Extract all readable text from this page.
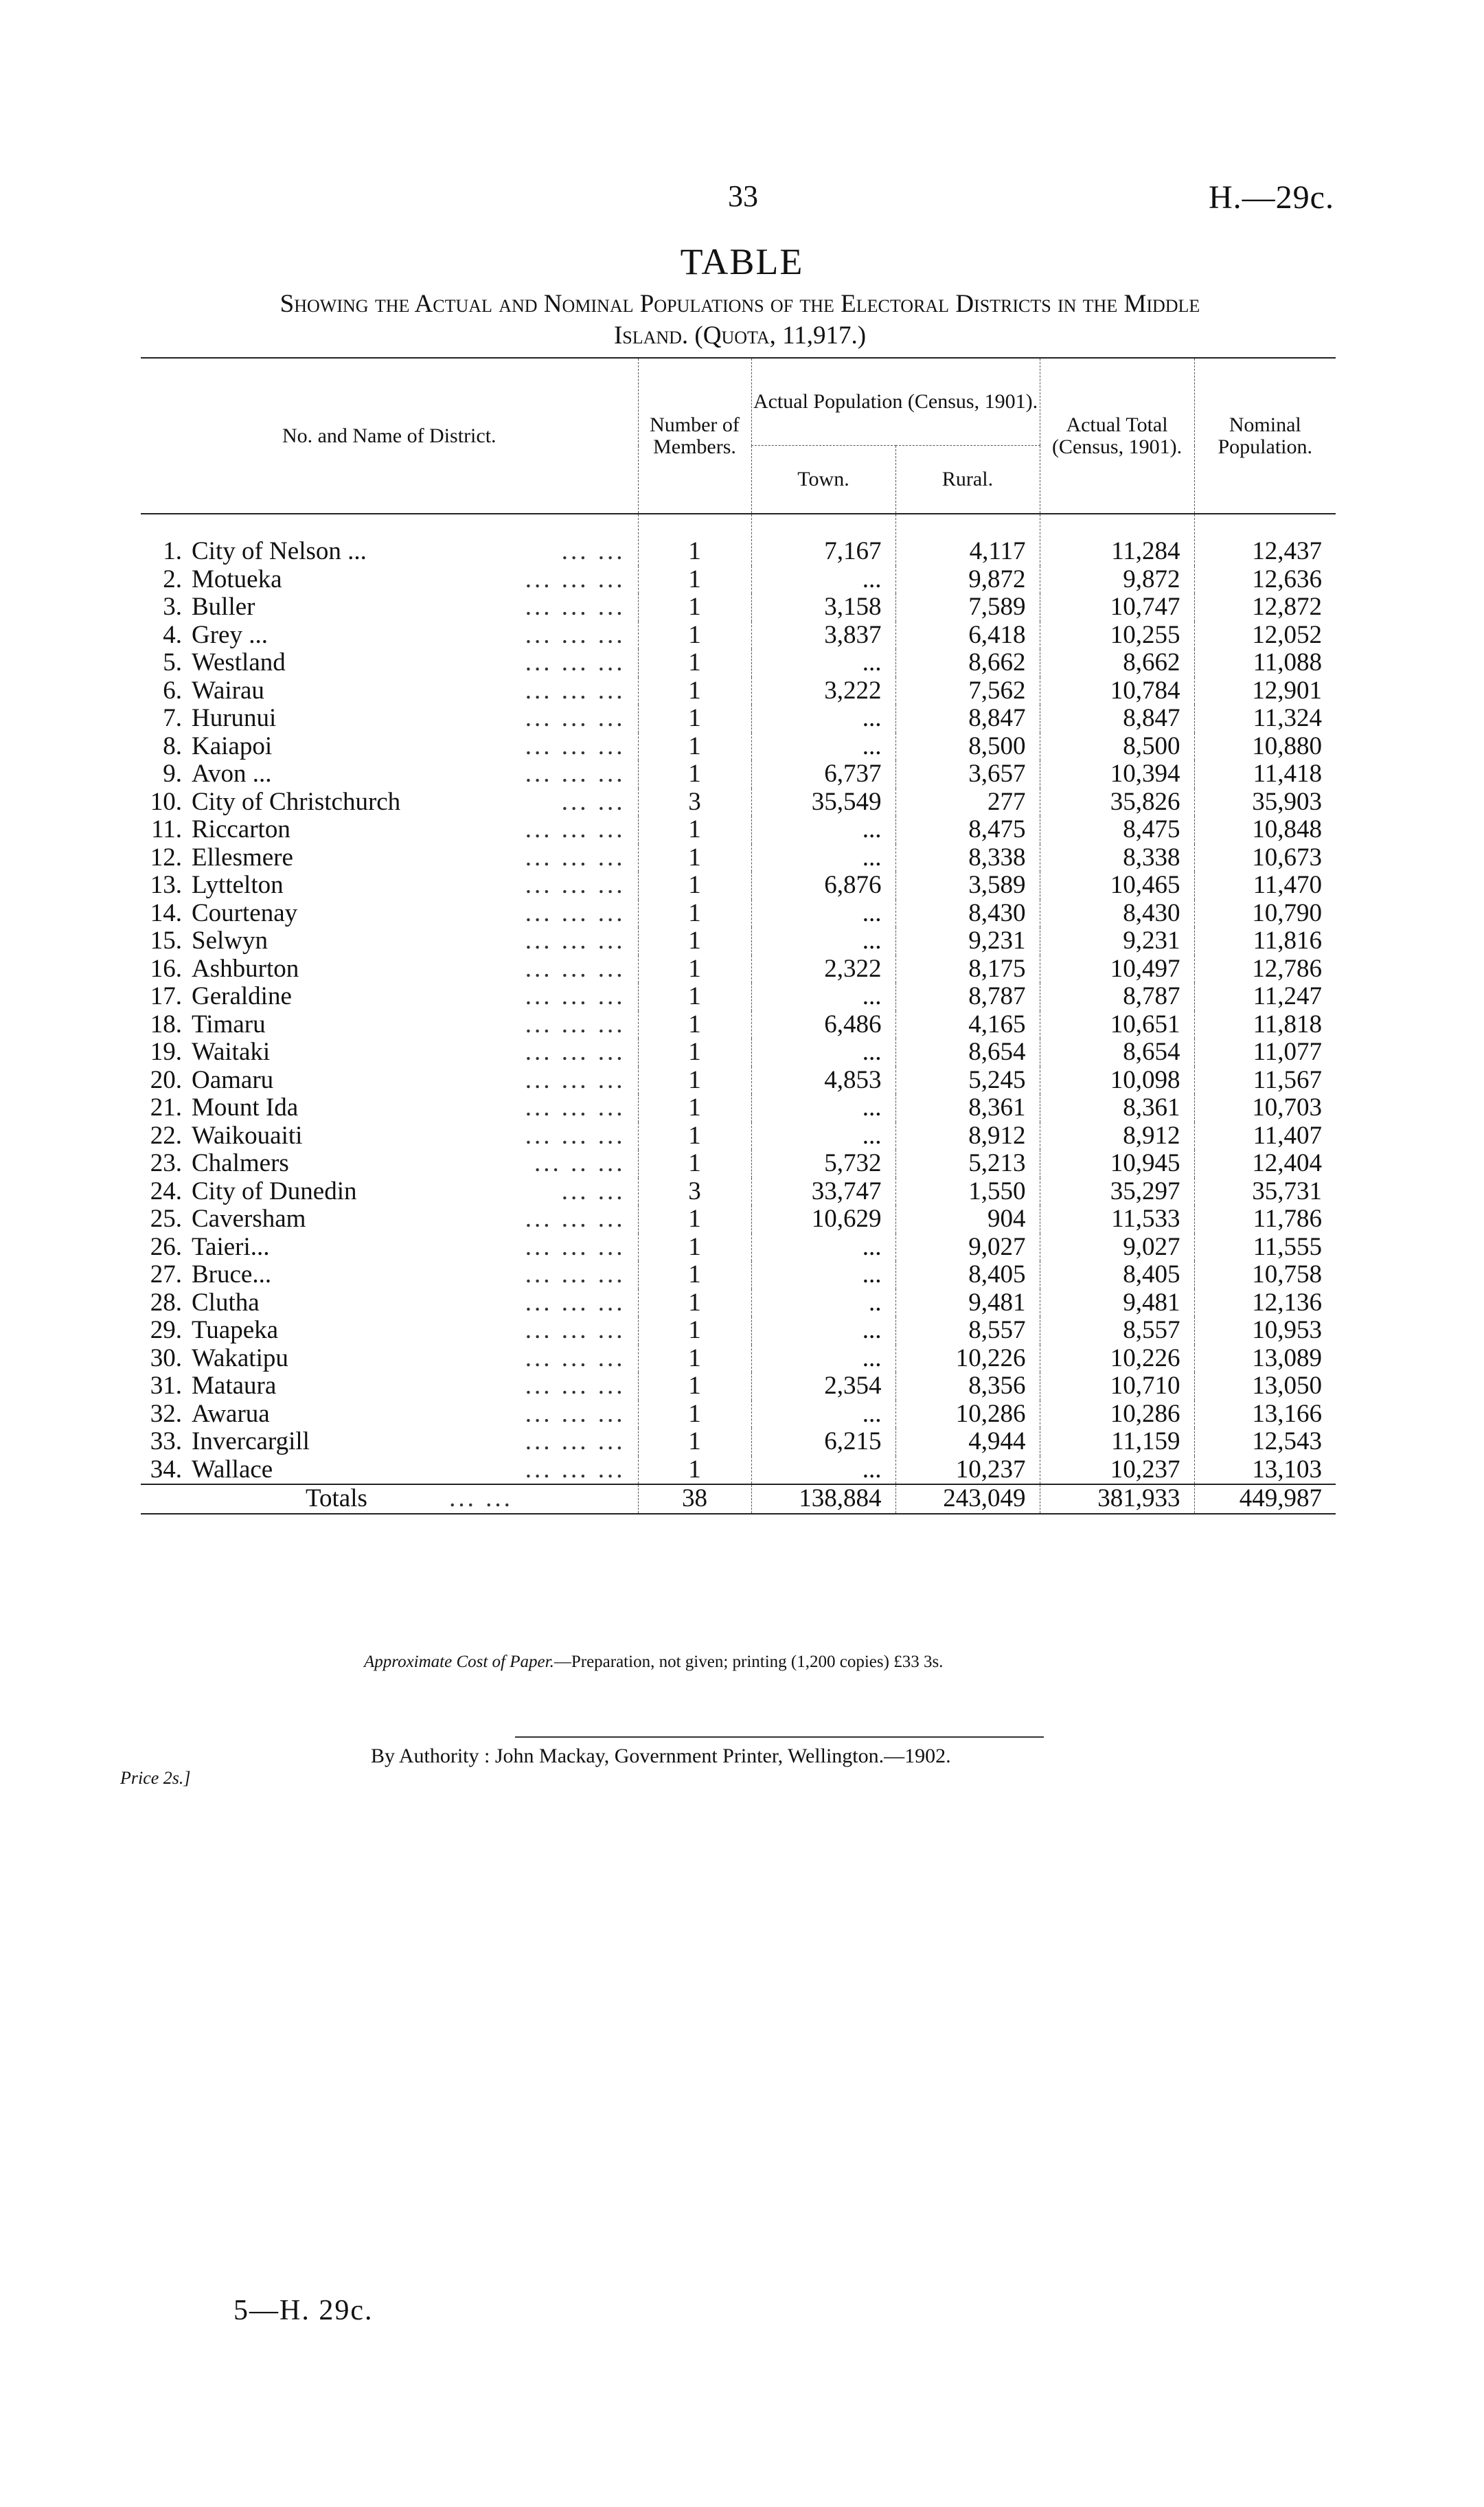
33	H.—29c.
TABLE
Showing the Actual and Nominal Populations of the Electoral Districts in the Middle
Island. (Quota, 11,917.)
No. and Name of District.	Number of Members.	Actual Population (Census, 1901).		Actual Total (Census, 1901).	Nominal Population.
		Town.	Rural.		
1. City of Nelson ... ... ...	1	7,167	4,117	11,284	12,437
2. Motueka ... ... ...	1	...	9,872	9,872	12,636
3. Buller ... ... ...	1	3,158	7,589	10,747	12,872
4. Grey ... ... ... ...	1	3,837	6,418	10,255	12,052
5. Westland ... ... ...	1	...	8,662	8,662	11,088
6. Wairau ... ... ...	1	3,222	7,562	10,784	12,901
7. Hurunui ... ... ...	1	...	8,847	8,847	11,324
8. Kaiapoi ... ... ...	1	...	8,500	8,500	10,880
9. Avon ... ... ... ...	1	6,737	3,657	10,394	11,418
10. City of Christchurch ... ...	3	35,549	277	35,826	35,903
11. Riccarton ... ... ...	1	...	8,475	8,475	10,848
12. Ellesmere ... ... ...	1	...	8,338	8,338	10,673
13. Lyttelton ... ... ...	1	6,876	3,589	10,465	11,470
14. Courtenay ... ... ...	1	...	8,430	8,430	10,790
15. Selwyn ... ... ...	1	...	9,231	9,231	11,816
16. Ashburton ... ... ...	1	2,322	8,175	10,497	12,786
17. Geraldine ... ... ...	1	...	8,787	8,787	11,247
18. Timaru ... ... ...	1	6,486	4,165	10,651	11,818
19. Waitaki ... ... ...	1	...	8,654	8,654	11,077
20. Oamaru ... ... ...	1	4,853	5,245	10,098	11,567
21. Mount Ida ... ... ...	1	...	8,361	8,361	10,703
22. Waikouaiti ... ... ...	1	...	8,912	8,912	11,407
23. Chalmers ... .. ...	1	5,732	5,213	10,945	12,404
24. City of Dunedin ... ...	3	33,747	1,550	35,297	35,731
25. Caversham ... ... ...	1	10,629	904	11,533	11,786
26. Taieri... ... ... ...	1	...	9,027	9,027	11,555
27. Bruce... ... ... ...	1	...	8,405	8,405	10,758
28. Clutha ... ... ...	1	..	9,481	9,481	12,136
29. Tuapeka ... ... ...	1	...	8,557	8,557	10,953
30. Wakatipu ... ... ...	1	...	10,226	10,226	13,089
31. Mataura ... ... ...	1	2,354	8,356	10,710	13,050
32. Awarua ... ... ...	1	...	10,286	10,286	13,166
33. Invercargill ... ... ...	1	6,215	4,944	11,159	12,543
34. Wallace ... ... ...	1	...	10,237	10,237	13,103
Totals ... ...	38	138,884	243,049	381,933	449,987
Approximate Cost of Paper.—Preparation, not given; printing (1,200 copies) £33 3s.
By Authority : John Mackay, Government Printer, Wellington.—1902.
Price 2s.]
5—H. 29c.
